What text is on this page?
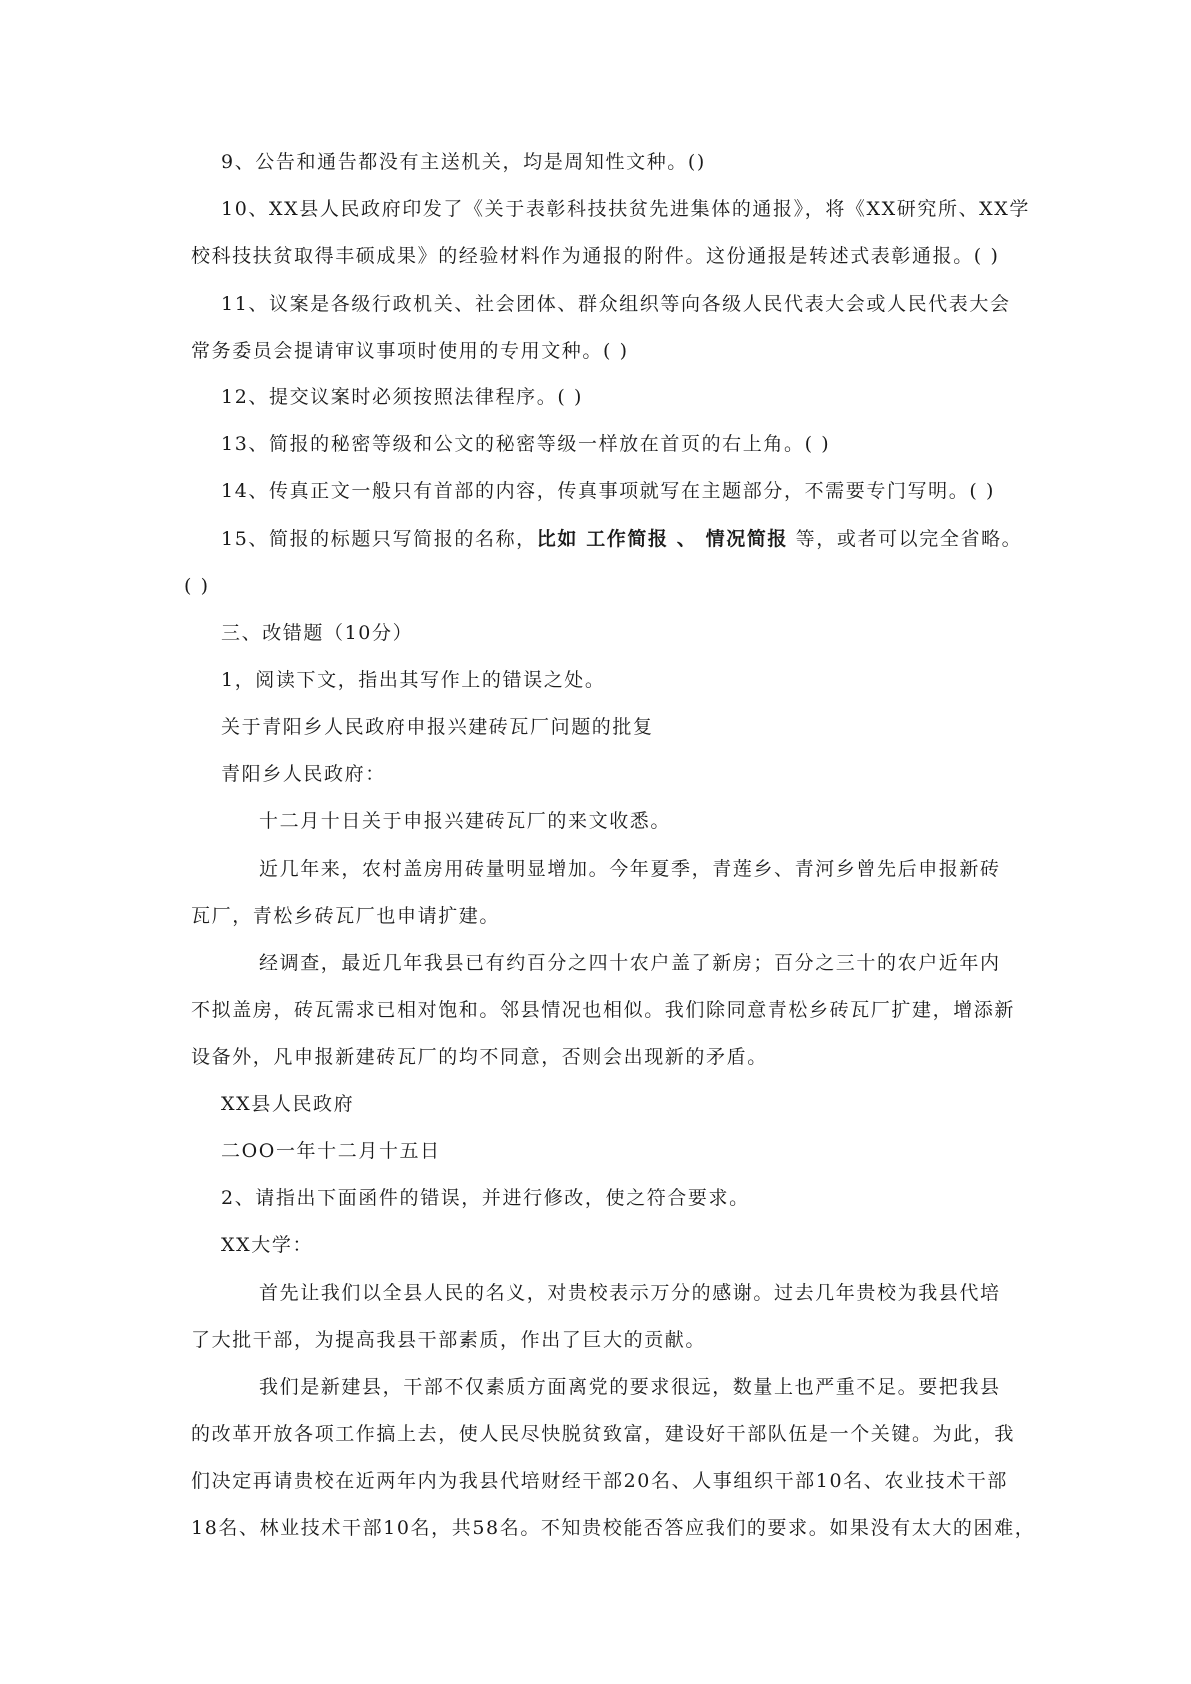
9、公告和通告都没有主送机关，均是周知性文种。()
10、XX县人民政府印发了《关于表彰科技扶贫先进集体的通报》，将《XX研究所、XX学
校科技扶贫取得丰硕成果》的经验材料作为通报的附件。这份通报是转述式表彰通报。( )
11、议案是各级行政机关、社会团体、群众组织等向各级人民代表大会或人民代表大会
常务委员会提请审议事项时使用的专用文种。( )
12、提交议案时必须按照法律程序。( )
13、简报的秘密等级和公文的秘密等级一样放在首页的右上角。( )
14、传真正文一般只有首部的内容，传真事项就写在主题部分，不需要专门写明。( )
15、简报的标题只写简报的名称，比如 工作简报 、 情况简报 等，或者可以完全省略。
( )
三、改错题（10分）
1，阅读下文，指出其写作上的错误之处。
关于青阳乡人民政府申报兴建砖瓦厂问题的批复
青阳乡人民政府：
十二月十日关于申报兴建砖瓦厂的来文收悉。
近几年来，农村盖房用砖量明显增加。今年夏季，青莲乡、青河乡曾先后申报新砖
瓦厂，青松乡砖瓦厂也申请扩建。
经调查，最近几年我县已有约百分之四十农户盖了新房；百分之三十的农户近年内
不拟盖房，砖瓦需求已相对饱和。邻县情况也相似。我们除同意青松乡砖瓦厂扩建，增添新
设备外，凡申报新建砖瓦厂的均不同意，否则会出现新的矛盾。
XX县人民政府
二OO一年十二月十五日
2、请指出下面函件的错误，并进行修改，使之符合要求。
XX大学：
首先让我们以全县人民的名义，对贵校表示万分的感谢。过去几年贵校为我县代培
了大批干部，为提高我县干部素质，作出了巨大的贡献。
我们是新建县，干部不仅素质方面离党的要求很远，数量上也严重不足。要把我县
的改革开放各项工作搞上去，使人民尽快脱贫致富，建设好干部队伍是一个关键。为此，我
们决定再请贵校在近两年内为我县代培财经干部20名、人事组织干部10名、农业技术干部
18名、林业技术干部10名，共58名。不知贵校能否答应我们的要求。如果没有太大的困难，
